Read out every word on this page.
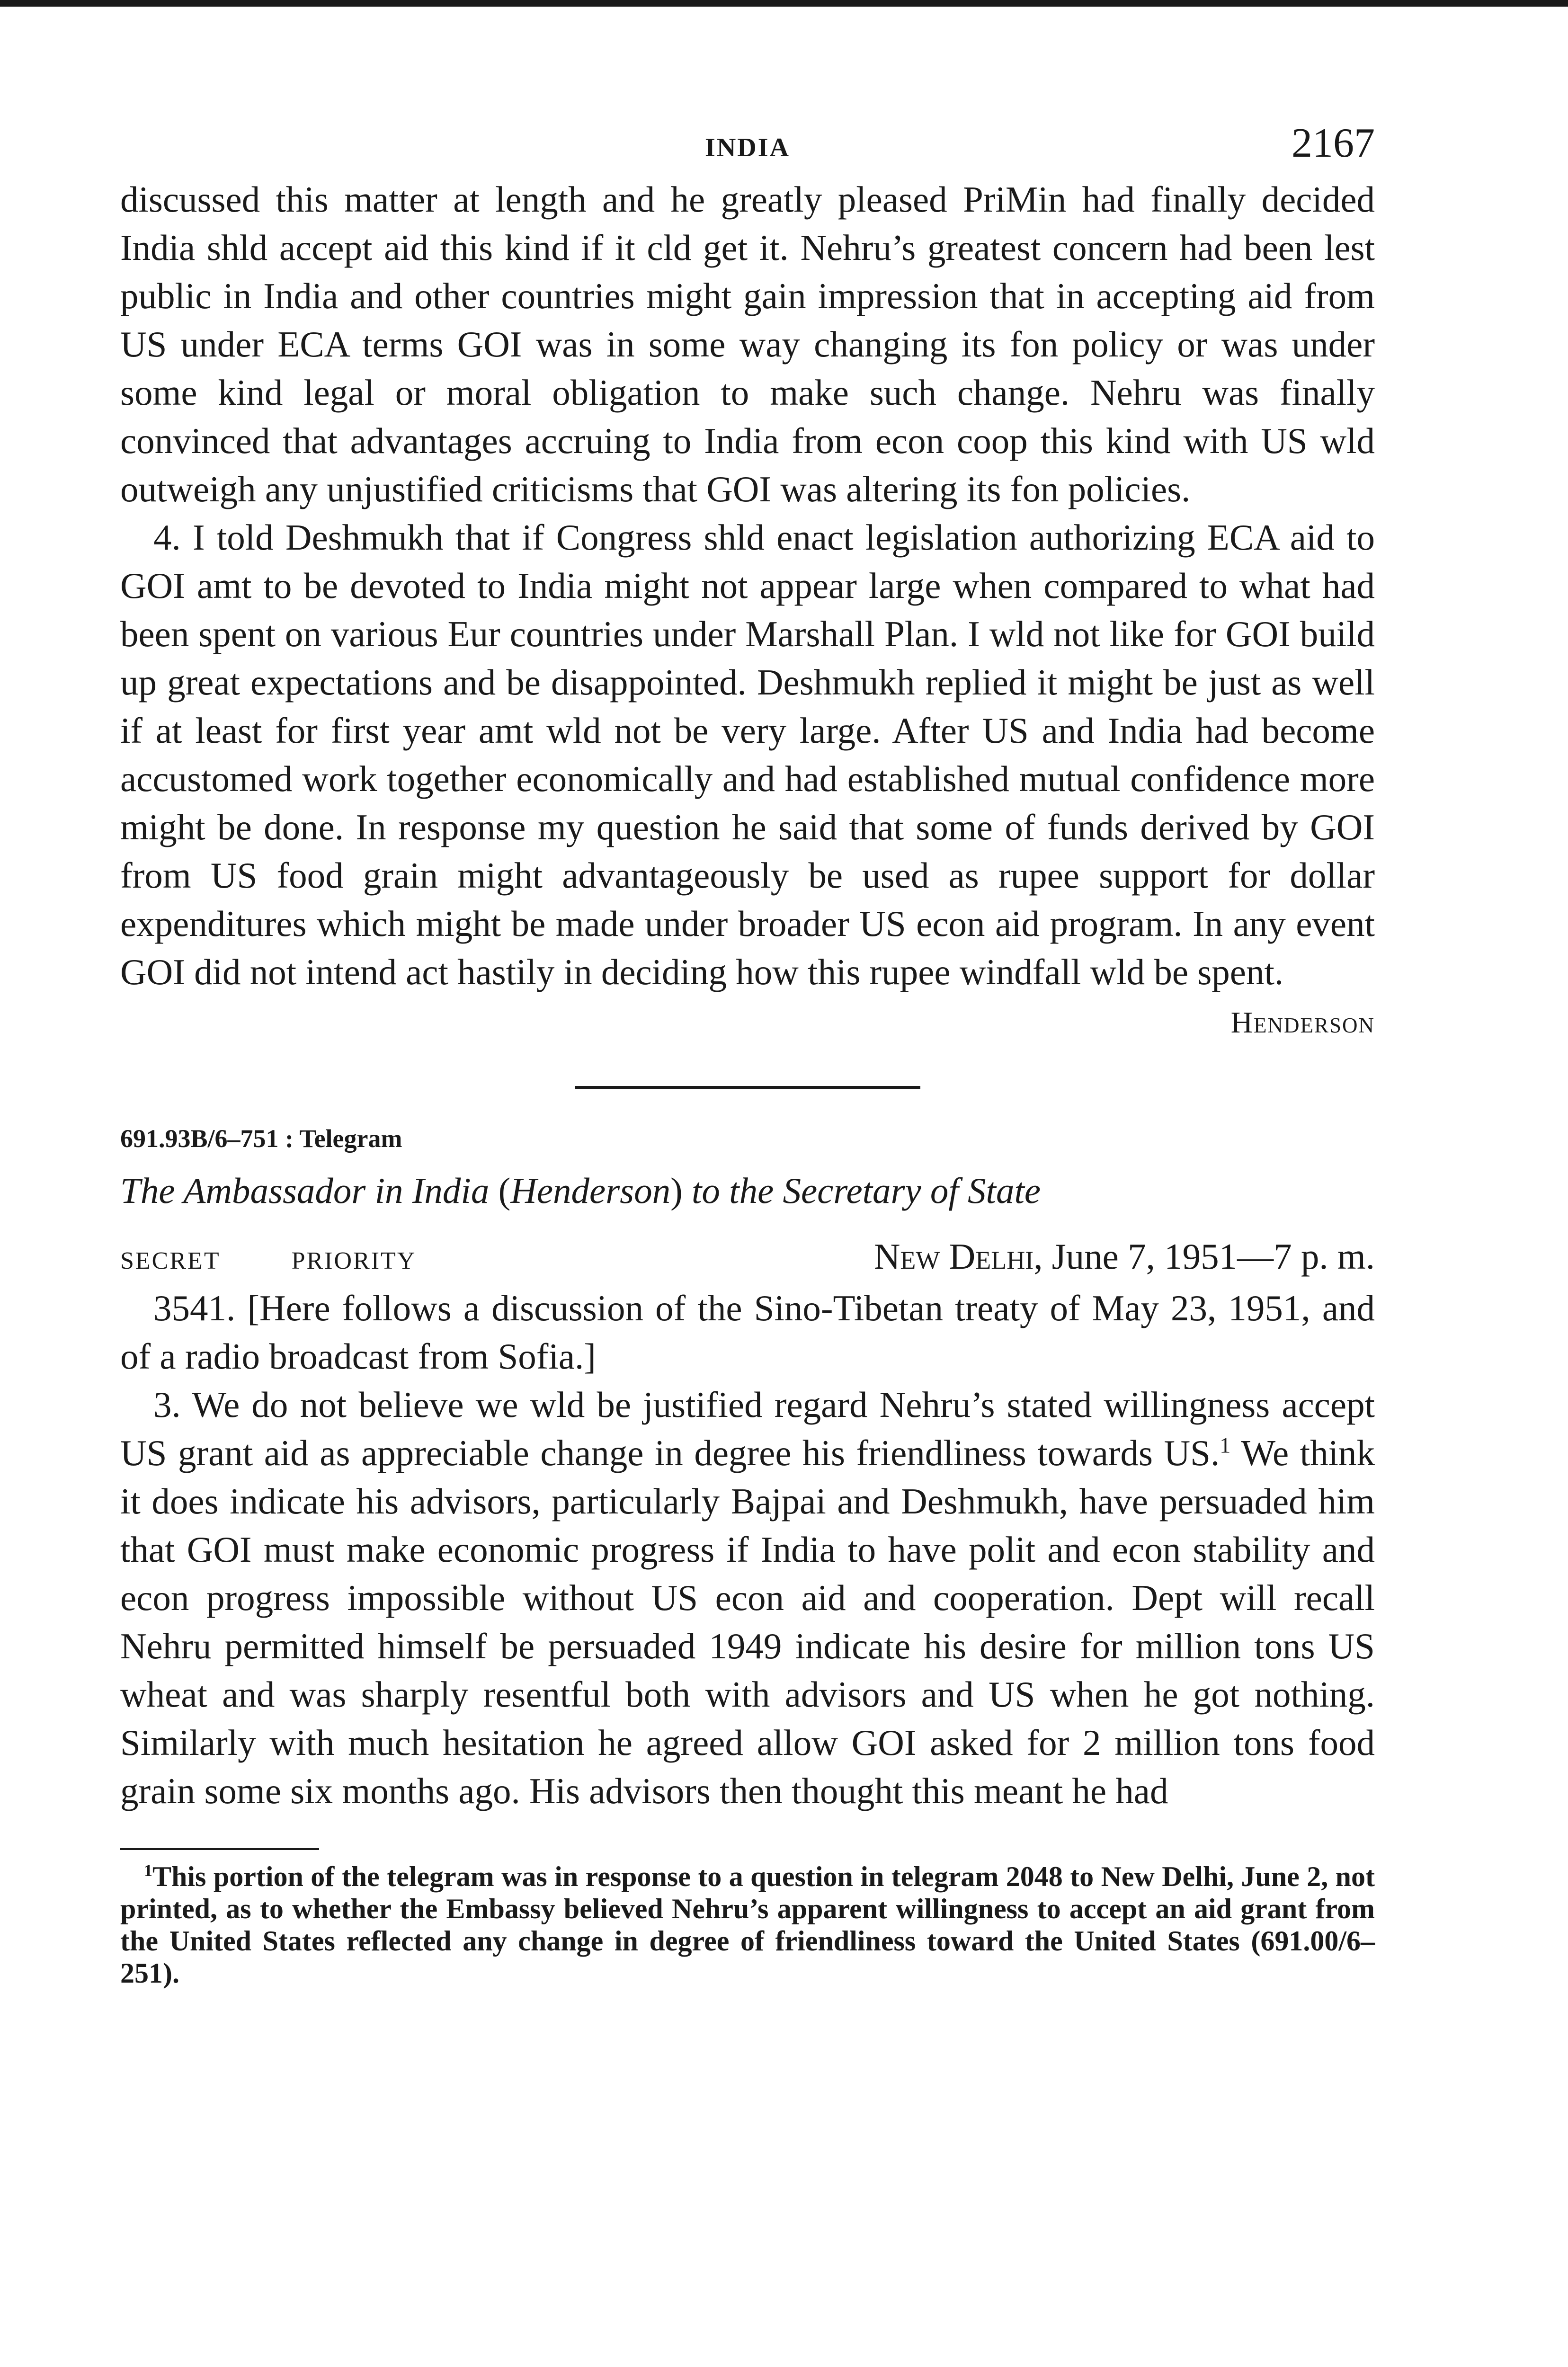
INDIA	2167

discussed this matter at length and he greatly pleased PriMin had finally decided India shld accept aid this kind if it cld get it. Nehru’s greatest concern had been lest public in India and other countries might gain impression that in accepting aid from US under ECA terms GOI was in some way changing its fon policy or was under some kind legal or moral obligation to make such change. Nehru was finally convinced that advantages accruing to India from econ coop this kind with US wld outweigh any unjustified criticisms that GOI was altering its fon policies.

4. I told Deshmukh that if Congress shld enact legislation authorizing ECA aid to GOI amt to be devoted to India might not appear large when compared to what had been spent on various Eur countries under Marshall Plan. I wld not like for GOI build up great expectations and be disappointed. Deshmukh replied it might be just as well if at least for first year amt wld not be very large. After US and India had become accustomed work together economically and had established mutual confidence more might be done. In response my question he said that some of funds derived by GOI from US food grain might advantageously be used as rupee support for dollar expenditures which might be made under broader US econ aid program. In any event GOI did not intend act hastily in deciding how this rupee windfall wld be spent.

Henderson
691.93B/6–751 : Telegram
The Ambassador in India (Henderson) to the Secretary of State
SECRET	PRIORITY	New Delhi, June 7, 1951—7 p. m.

3541. [Here follows a discussion of the Sino-Tibetan treaty of May 23, 1951, and of a radio broadcast from Sofia.]

3. We do not believe we wld be justified regard Nehru’s stated willingness accept US grant aid as appreciable change in degree his friendliness towards US.$^1$ We think it does indicate his advisors, particularly Bajpai and Deshmukh, have persuaded him that GOI must make economic progress if India to have polit and econ stability and econ progress impossible without US econ aid and cooperation. Dept will recall Nehru permitted himself be persuaded 1949 indicate his desire for million tons US wheat and was sharply resentful both with advisors and US when he got nothing. Similarly with much hesitation he agreed allow GOI asked for 2 million tons food grain some six months ago. His advisors then thought this meant he had

$^1$This portion of the telegram was in response to a question in telegram 2048 to New Delhi, June 2, not printed, as to whether the Embassy believed Nehru’s apparent willingness to accept an aid grant from the United States reflected any change in degree of friendliness toward the United States (691.00/6–251).
